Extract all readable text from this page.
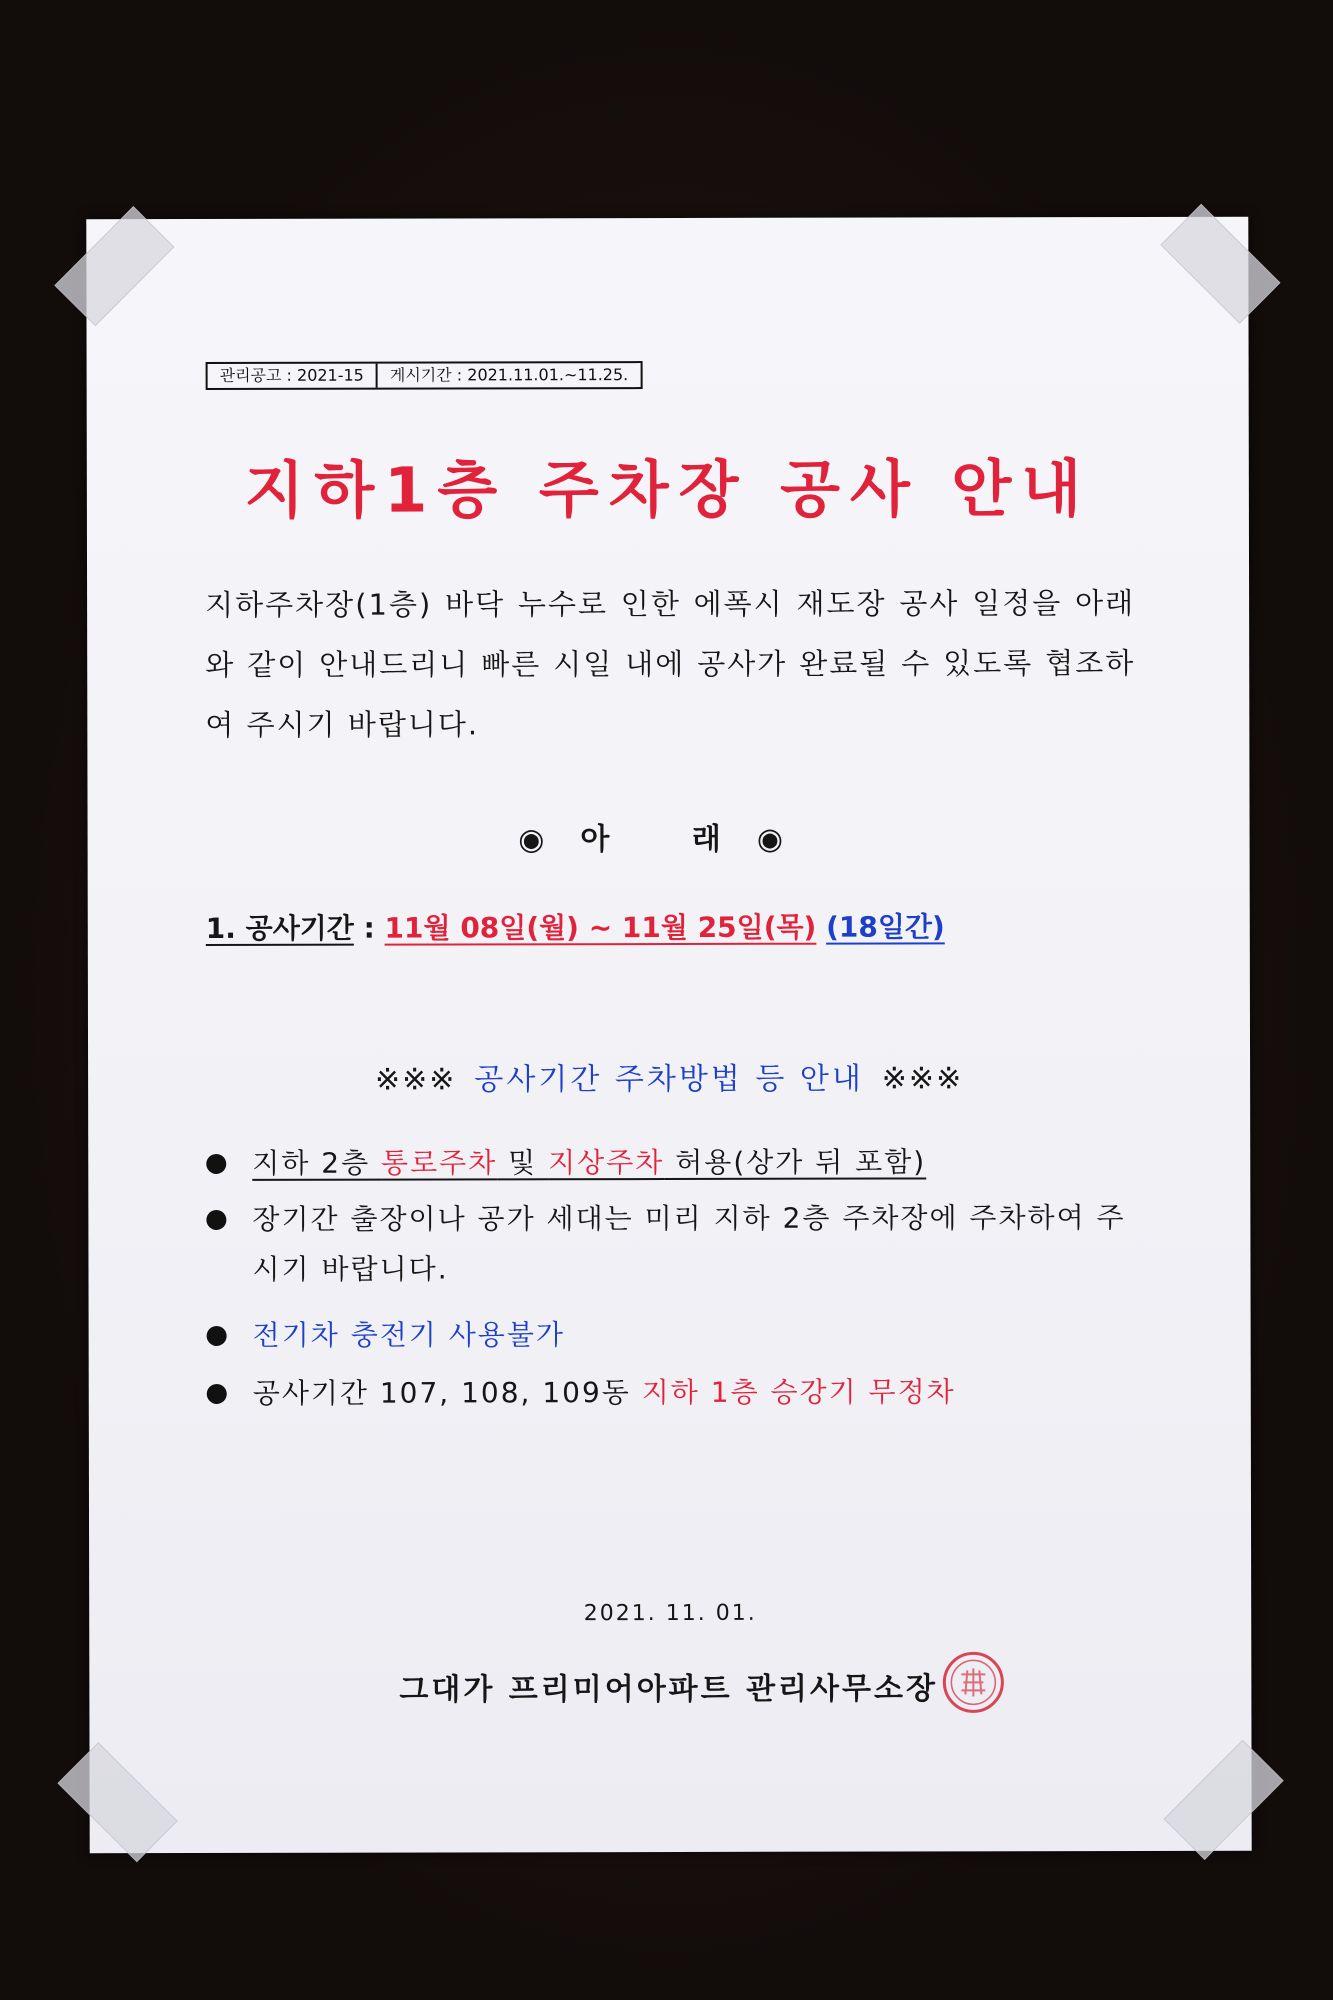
관리공고 : 2021-15	게시기간 : 2021.11.01.~11.25.
지하1층 주차장 공사 안내
지하주차장(1층) 바닥 누수로 인한 에폭시 재도장 공사 일정을 아래와 같이 안내드리니 빠른 시일 내에 공사가 완료될 수 있도록 협조하여 주시기 바랍니다.
◉아 래◉
1. 공사기간 : 11월 08일(월) ~ 11월 25일(목) (18일간)
※※※ 공사기간 주차방법 등 안내 ※※※
지하 2층 통로주차 및 지상주차 허용(상가 뒤 포함)
장기간 출장이나 공가 세대는 미리 지하 2층 주차장에 주차하여 주시기 바랍니다.
전기차 충전기 사용불가
공사기간 107, 108, 109동 지하 1층 승강기 무정차
2021. 11. 01.
그대가 프리미어아파트 관리사무소장
